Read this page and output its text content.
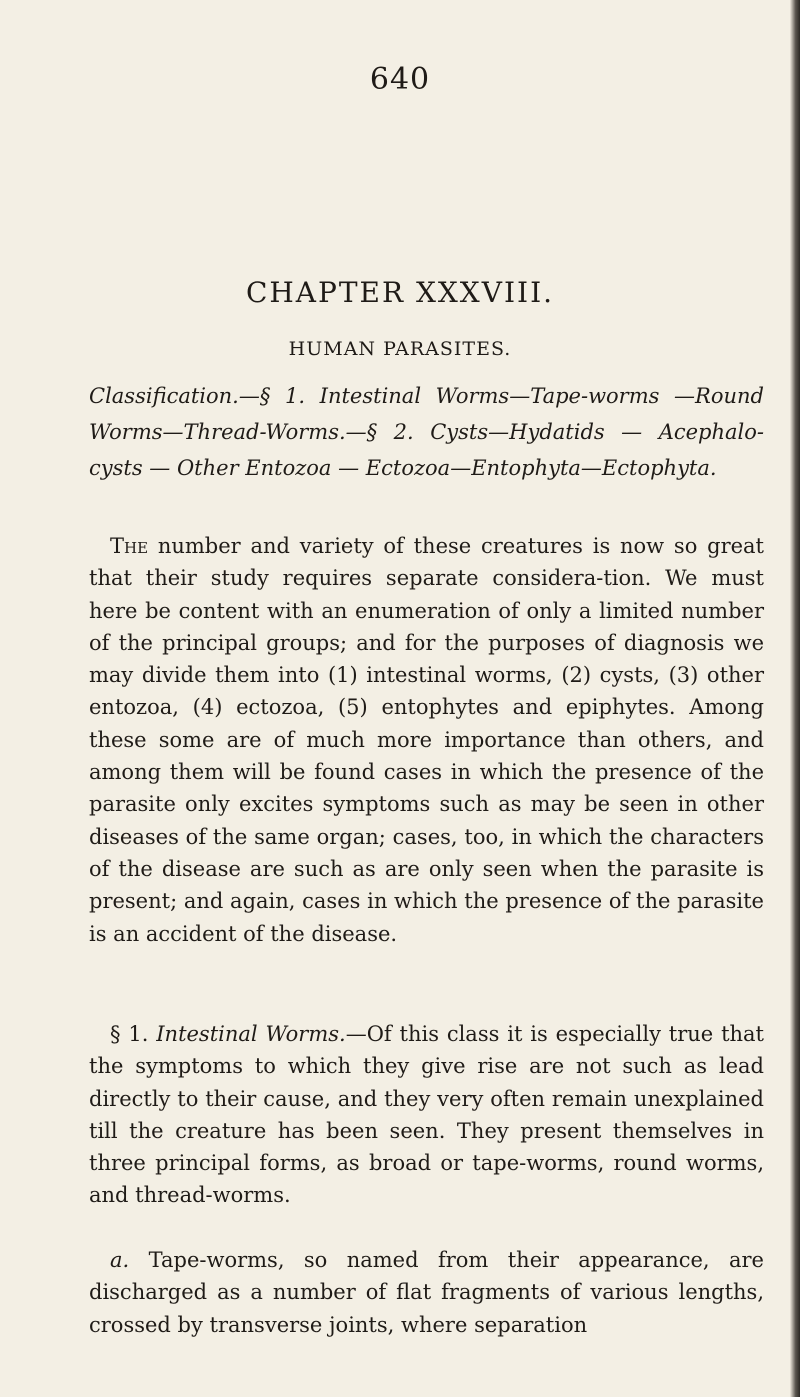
640
CHAPTER XXXVIII.
HUMAN PARASITES.

Classification.—§ 1. Intestinal Worms—Tape-worms —Round Worms—Thread-Worms.—§ 2. Cysts—Hydatids — Acephalo-cysts — Other Entozoa — Ectozoa—Entophyta—Ectophyta.

The number and variety of these creatures is now so great that their study requires separate considera-tion. We must here be content with an enumeration of only a limited number of the principal groups; and for the purposes of diagnosis we may divide them into (1) intestinal worms, (2) cysts, (3) other entozoa, (4) ectozoa, (5) entophytes and epiphytes. Among these some are of much more importance than others, and among them will be found cases in which the presence of the parasite only excites symptoms such as may be seen in other diseases of the same organ; cases, too, in which the characters of the disease are such as are only seen when the parasite is present; and again, cases in which the presence of the parasite is an accident of the disease.

§ 1. Intestinal Worms.—Of this class it is especially true that the symptoms to which they give rise are not such as lead directly to their cause, and they very often remain unexplained till the creature has been seen. They present themselves in three principal forms, as broad or tape-worms, round worms, and thread-worms.

a. Tape-worms, so named from their appearance, are discharged as a number of flat fragments of various lengths, crossed by transverse joints, where separation
